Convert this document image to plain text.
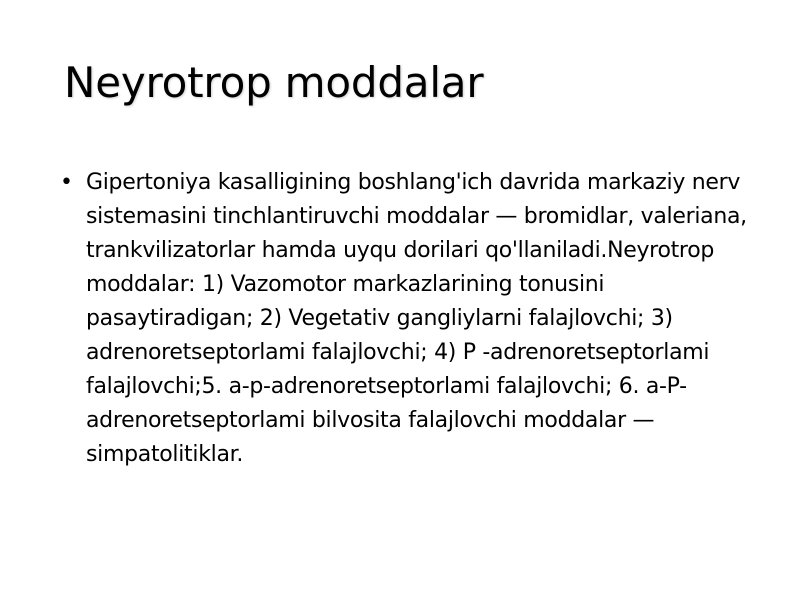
Neyrotrop moddalar
• Gipertoniya kasalligining boshlang'ich davrida markaziy nerv sistemasini tinchlantiruvchi moddalar — bromidlar, valeriana, trankvilizatorlar hamda uyqu dorilari qo'llaniladi.Neyrotrop moddalar: 1) Vazomotor markazlarining tonusini pasaytiradigan; 2) Vegetativ gangliylarni falajlovchi; 3) adrenoretseptorlami falajlovchi; 4) P -adrenoretseptorlami falajlovchi;5. a-p-adrenoretseptorlami falajlovchi; 6. a-P-adrenoretseptorlami bilvosita falajlovchi moddalar — simpatolitiklar.
